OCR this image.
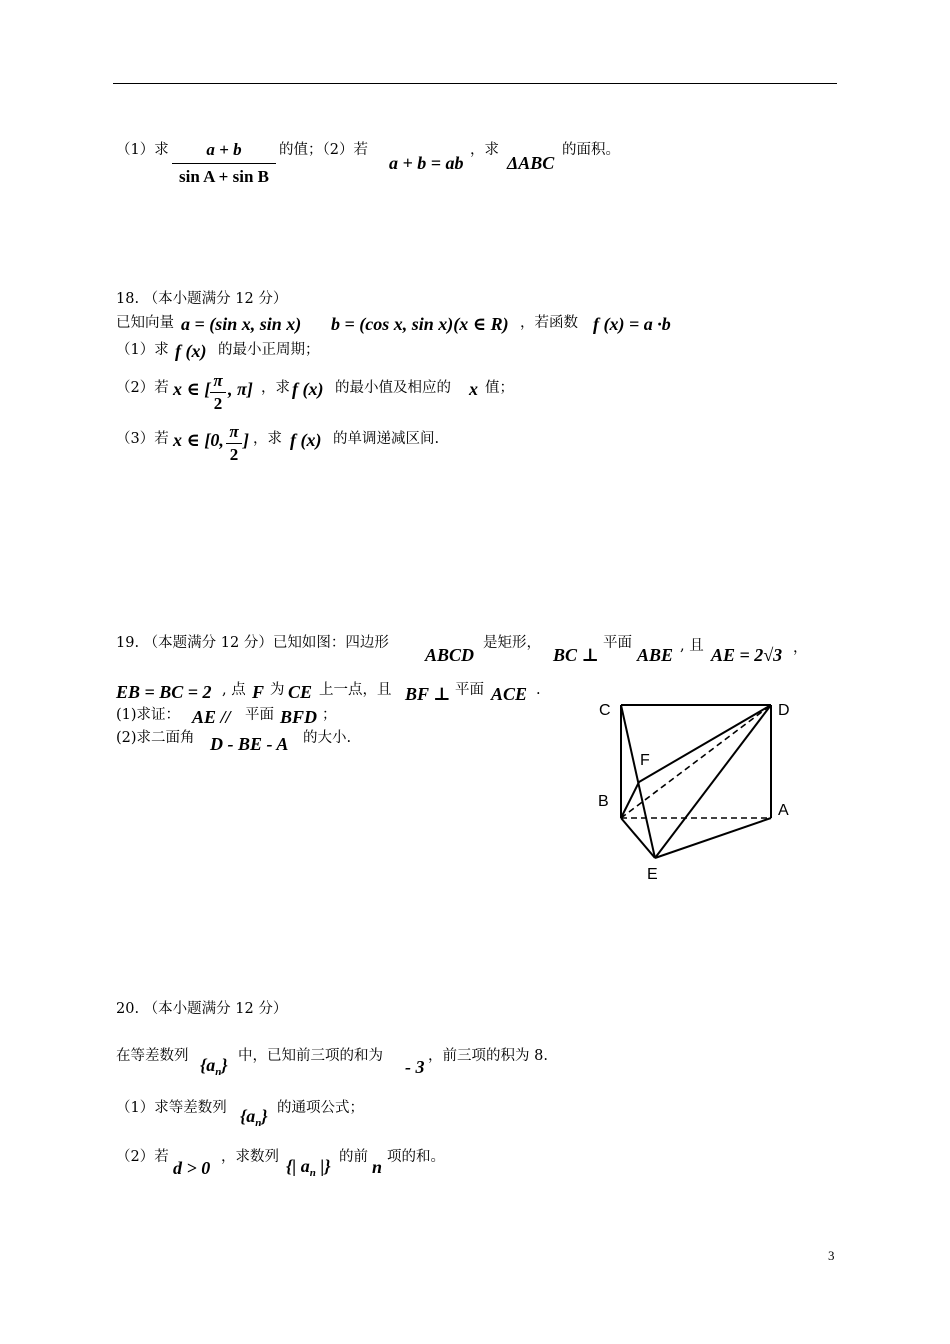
（1）求	a + b
sin A + sin B
的值；（2）若
a + b = ab
，求
ΔABC
的面积。
18. （本小题满分 12 分）
已知向量 a = (sin x, sin x) b = (cos x, sin x)(x ∈ R) ，若函数 f (x) = a ·b
（1）求 f (x) 的最小正周期；
（2）若 x ∈ [ π
2
, π] ，求 f (x) 的最小值及相应的 x 值；
（3）若 x ∈ [0, π
2
] ，求 f (x) 的单调递减区间.
19. （本题满分 12 分）已知如图：四边形
ABCD
是矩形，
BC ⊥
平面
ABE , 且 AE = 2√3 ，
EB = BC = 2 , 点 F 为 CE 上一点，且 BF ⊥ 平面 ACE .
(1)求证： AE // 平面 BFD ；
(2)求二面角 D - BE - A 的大小.
C	D
F
B
A
E
20. （本小题满分 12 分）
在等差数列 $\{a_n\}$ 中，已知前三项的和为
- 3
，前三项的积为 8.
（1）求等差数列 $\{a_n\}$ 的通项公式；
（2）若
d > 0
，求数列 {| $a_n$ |} 的前 n 项的和。
3
